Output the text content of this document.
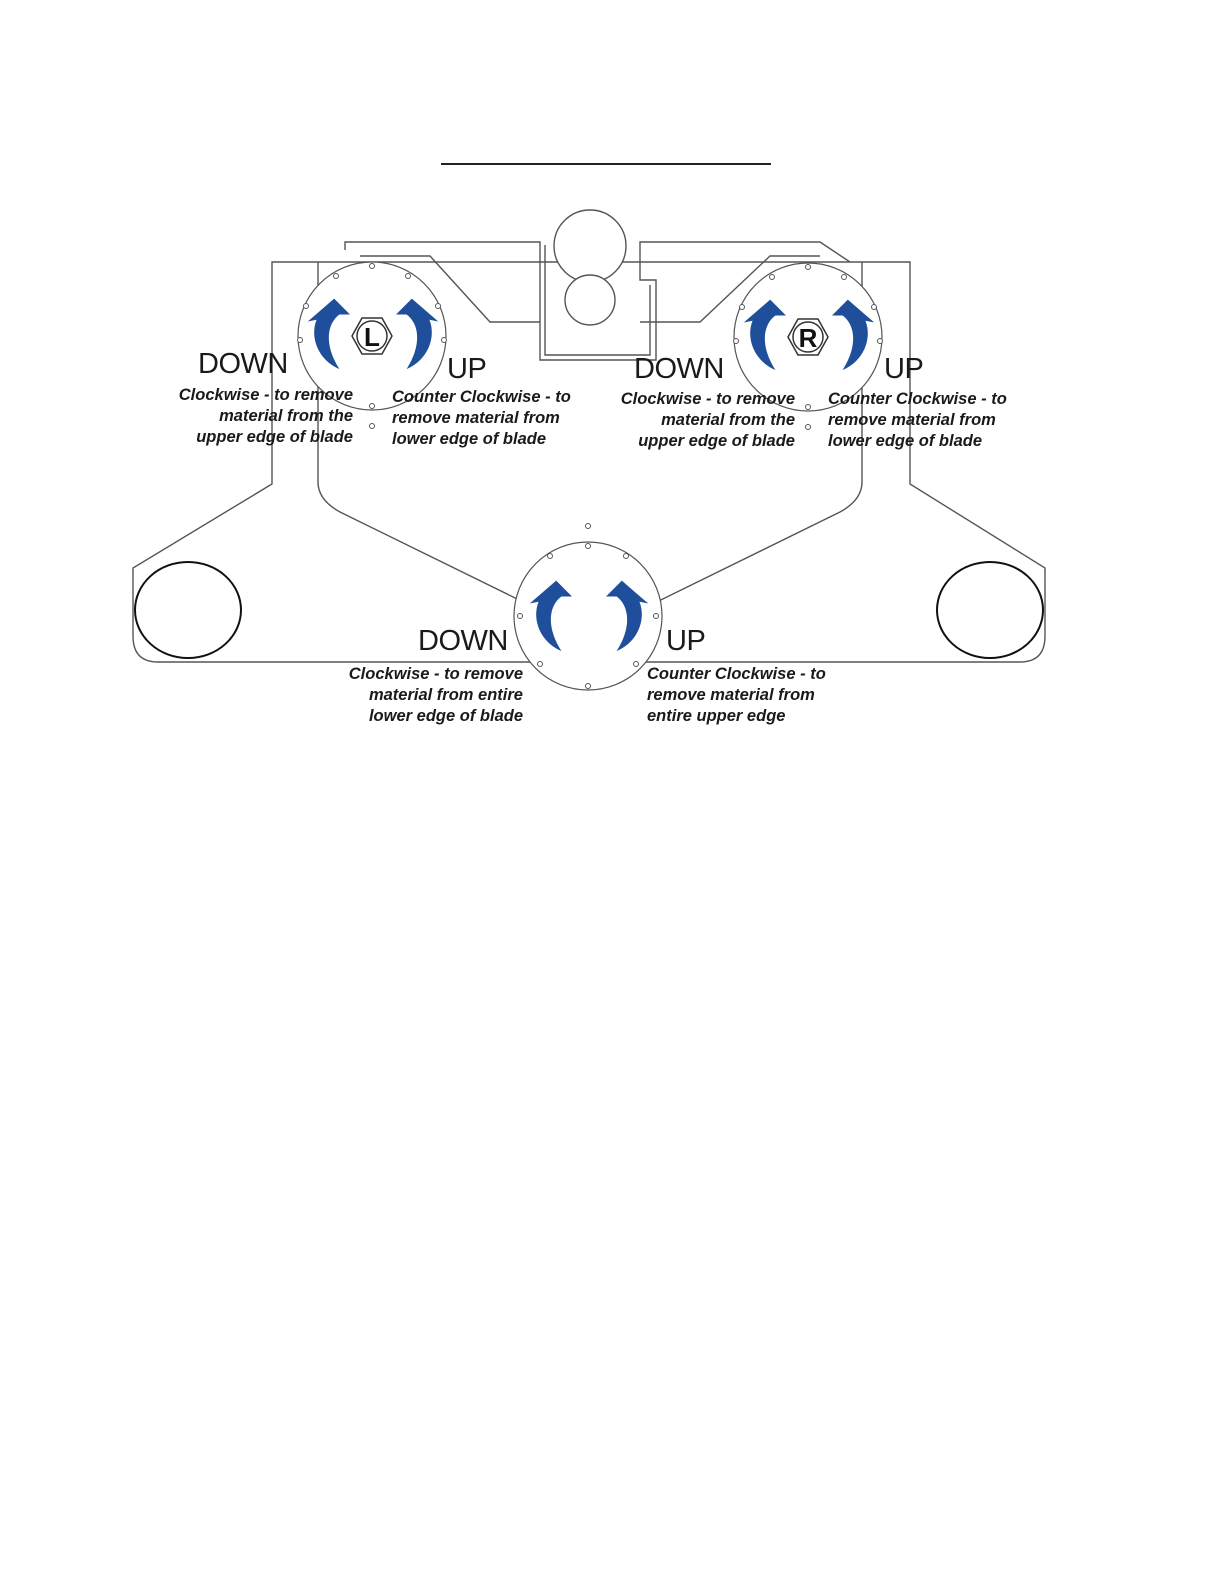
L	R
DOWN	UP
Clockwise - to remove
material from the
upper edge of blade
Counter Clockwise - to
remove material from
lower edge of blade
DOWN	UP
Clockwise - to remove
material from the
upper edge of blade
Counter Clockwise - to
remove material from
lower edge of blade
DOWN	UP
Clockwise - to remove
material from entire
lower edge of blade
Counter Clockwise - to
remove material from
entire upper edge
